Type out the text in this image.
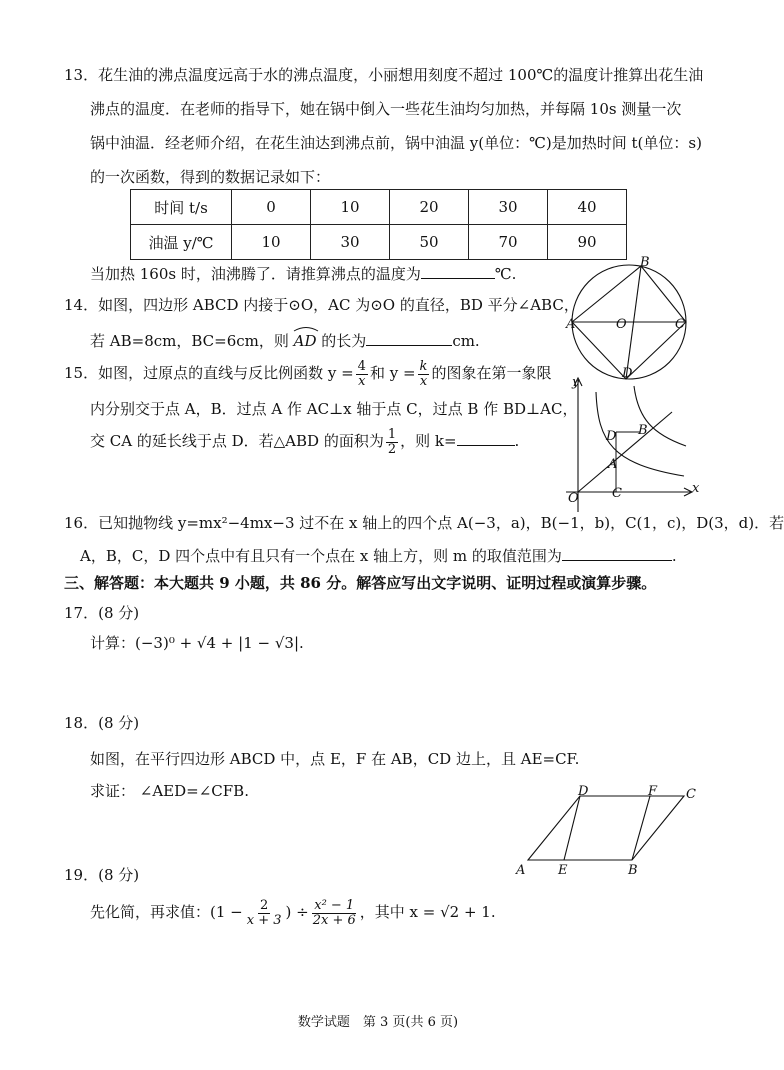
13．花生油的沸点温度远高于水的沸点温度，小丽想用刻度不超过 100℃的温度计推算出花生油
沸点的温度．在老师的指导下，她在锅中倒入一些花生油均匀加热，并每隔 10s 测量一次
锅中油温．经老师介绍，在花生油达到沸点前，锅中油温 y(单位：℃)是加热时间 t(单位：s)
的一次函数，得到的数据记录如下：
时间 t/s	0	10	20	30	40
油温 y/℃	10	30	50	70	90
当加热 160s 时，油沸腾了．请推算沸点的温度为	℃.
14．如图，四边形 ABCD 内接于⊙O，AC 为⊙O 的直径，BD 平分∠ABC，
若 AB=8cm，BC=6cm，则 AD 的长为	cm.
B
A	C
O
D
15．如图，过原点的直线与反比例函数 $y = \frac{4}{x}$ 和 $y = \frac{k}{x}$ 的图象在第一象限
内分别交于点 A，B．过点 A 作 AC⊥x 轴于点 C，过点 B 作 BD⊥AC，
交 CA 的延长线于点 D．若△ABD 的面积为 $\frac{1}{2}$ ，则 k=	.
y
x
O	C
A
D B
16．已知抛物线 y=mx²−4mx−3 过不在 x 轴上的四个点 A(−3，a)，B(−1，b)，C(1，c)，D(3，d)．若
A，B，C，D 四个点中有且只有一个点在 x 轴上方，则 m 的取值范围为	.
三、解答题：本大题共 9 小题，共 86 分。解答应写出文字说明、证明过程或演算步骤。
17．(8 分)
计算：(−3)⁰ + √4 + |1 − √3|.
18．(8 分)
如图，在平行四边形 ABCD 中，点 E，F 在 AB，CD 边上，且 AE=CF.
求证： ∠AED=∠CFB.	D	F C
A	E	B
19．(8 分)
先化简，再求值：($1 - \frac{2}{x + 3}$ ) ÷ $\frac{\text{x² − 1}}{2x + 6}$ ，其中 x = √2 + 1.
数学试题　第 3 页(共 6 页)
